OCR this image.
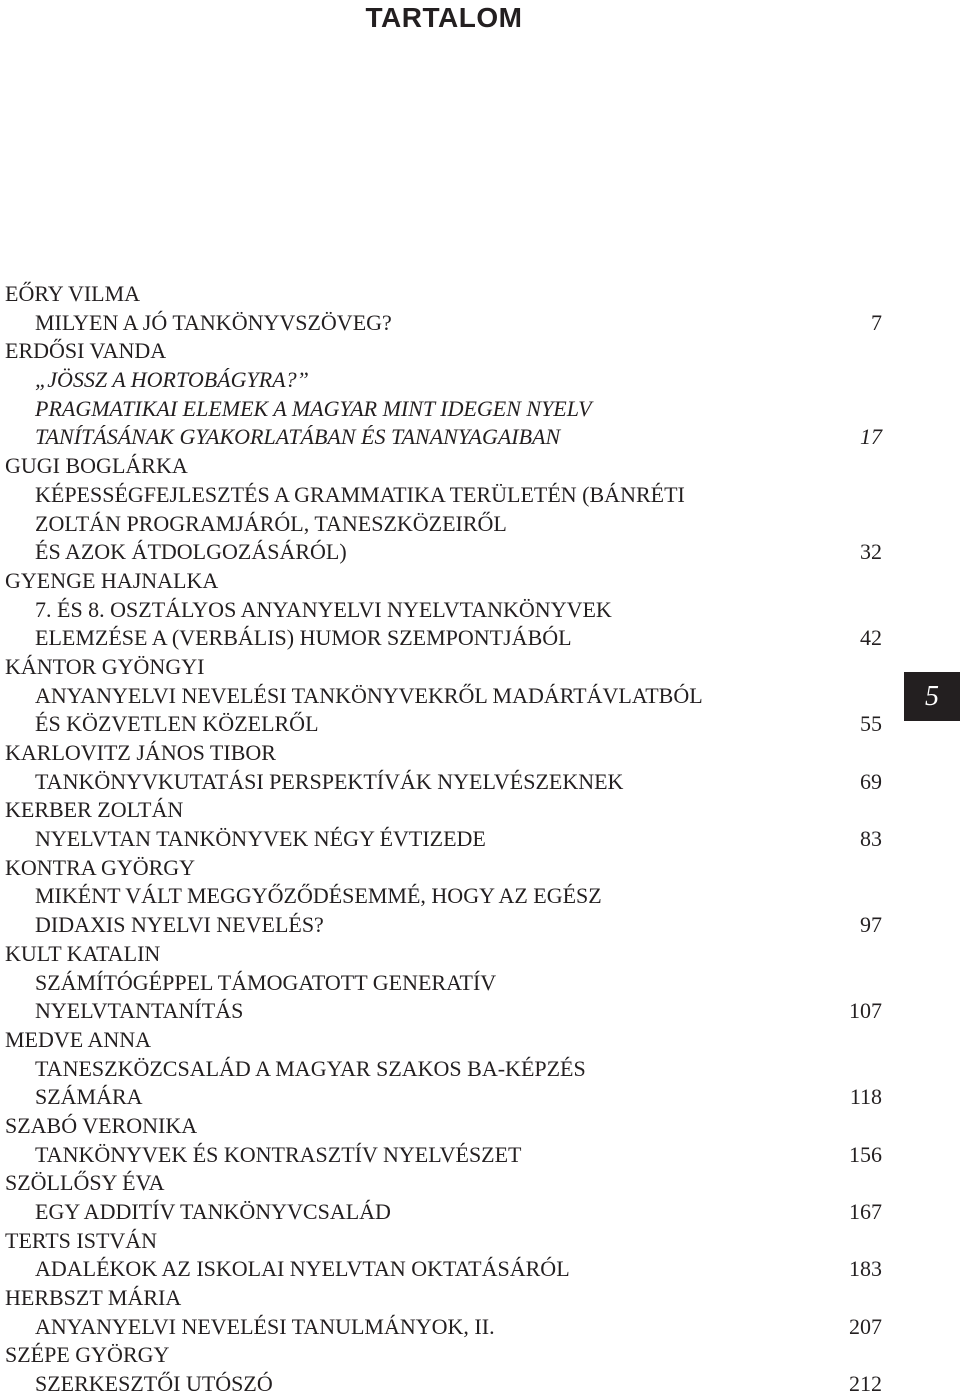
TARTALOM
EŐRY VILMA
MILYEN A JÓ TANKÖNYVSZÖVEG?	7
ERDŐSI VANDA
„JÖSSZ A HORTOBÁGYRA?”
PRAGMATIKAI ELEMEK A MAGYAR MINT IDEGEN NYELV
TANÍTÁSÁNAK GYAKORLATÁBAN ÉS TANANYAGAIBAN	17
GUGI BOGLÁRKA
KÉPESSÉGFEJLESZTÉS A GRAMMATIKA TERÜLETÉN (BÁNRÉTI
ZOLTÁN PROGRAMJÁRÓL, TANESZKÖZEIRŐL
ÉS AZOK ÁTDOLGOZÁSÁRÓL)	32
GYENGE HAJNALKA
7. ÉS 8. OSZTÁLYOS ANYANYELVI NYELVTANKÖNYVEK
ELEMZÉSE A (VERBÁLIS) HUMOR SZEMPONTJÁBÓL	42
KÁNTOR GYÖNGYI
ANYANYELVI NEVELÉSI TANKÖNYVEKRŐL MADÁRTÁVLATBÓL
ÉS KÖZVETLEN KÖZELRŐL	55
KARLOVITZ JÁNOS TIBOR
TANKÖNYVKUTATÁSI PERSPEKTÍVÁK NYELVÉSZEKNEK	69
KERBER ZOLTÁN
NYELVTAN TANKÖNYVEK NÉGY ÉVTIZEDE	83
KONTRA GYÖRGY
MIKÉNT VÁLT MEGGYŐZŐDÉSEMMÉ, HOGY AZ EGÉSZ
DIDAXIS NYELVI NEVELÉS?	97
KULT KATALIN
SZÁMÍTÓGÉPPEL TÁMOGATOTT GENERATÍV
NYELVTANTANÍTÁS	107
MEDVE ANNA
TANESZKÖZCSALÁD A MAGYAR SZAKOS BA-KÉPZÉS
SZÁMÁRA	118
SZABÓ VERONIKA
TANKÖNYVEK ÉS KONTRASZTÍV NYELVÉSZET	156
SZÖLLŐSY ÉVA
EGY ADDITÍV TANKÖNYVCSALÁD	167
TERTS ISTVÁN
ADALÉKOK AZ ISKOLAI NYELVTAN OKTATÁSÁRÓL	183
HERBSZT MÁRIA
ANYANYELVI NEVELÉSI TANULMÁNYOK, II.	207
SZÉPE GYÖRGY
SZERKESZTŐI UTÓSZÓ	212
5
